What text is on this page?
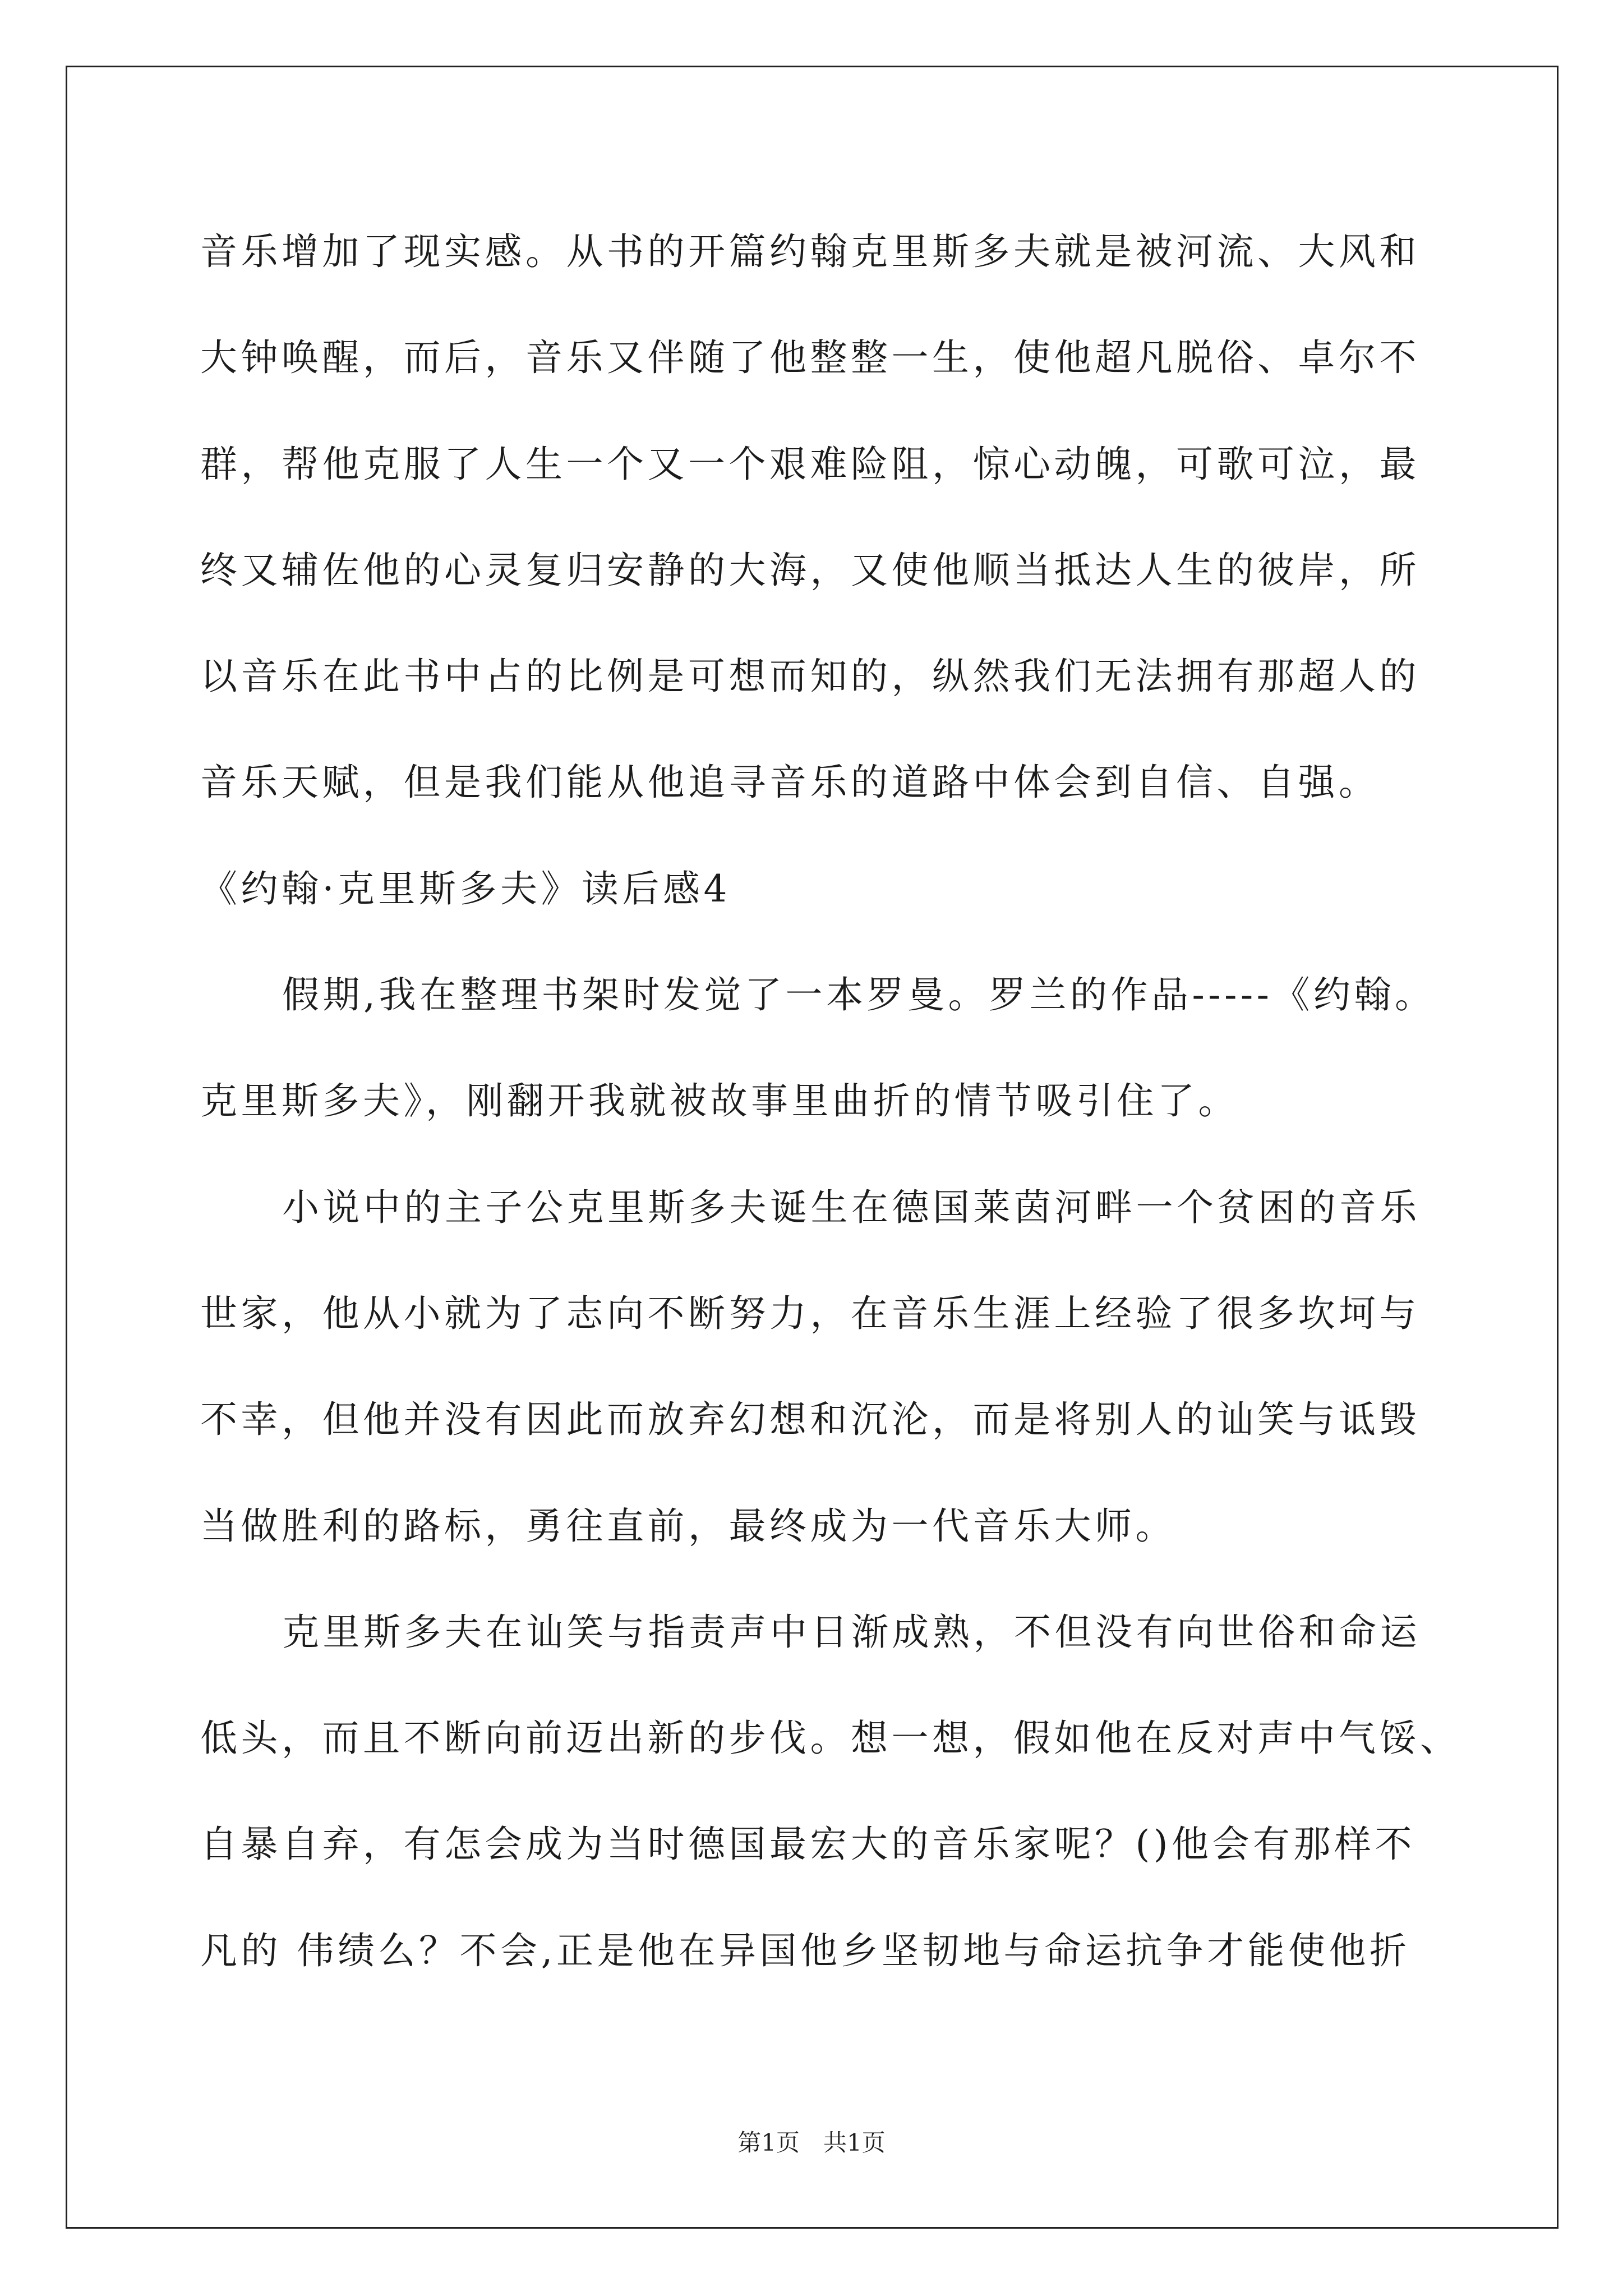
音乐增加了现实感。从书的开篇约翰克里斯多夫就是被河流、大风和
大钟唤醒，而后，音乐又伴随了他整整一生，使他超凡脱俗、卓尔不
群，帮他克服了人生一个又一个艰难险阻，惊心动魄，可歌可泣，最
终又辅佐他的心灵复归安静的大海，又使他顺当抵达人生的彼岸，所
以音乐在此书中占的比例是可想而知的，纵然我们无法拥有那超人的
音乐天赋，但是我们能从他追寻音乐的道路中体会到自信、自强。
《约翰·克里斯多夫》读后感4
假期,我在整理书架时发觉了一本罗曼。罗兰的作品-----《约翰。
克里斯多夫》，刚翻开我就被故事里曲折的情节吸引住了。
小说中的主子公克里斯多夫诞生在德国莱茵河畔一个贫困的音乐
世家，他从小就为了志向不断努力，在音乐生涯上经验了很多坎坷与
不幸，但他并没有因此而放弃幻想和沉沦，而是将别人的讪笑与诋毁
当做胜利的路标，勇往直前，最终成为一代音乐大师。
克里斯多夫在讪笑与指责声中日渐成熟，不但没有向世俗和命运
低头，而且不断向前迈出新的步伐。想一想，假如他在反对声中气馁、
自暴自弃，有怎会成为当时德国最宏大的音乐家呢？()他会有那样不
凡的 伟绩么？不会,正是他在异国他乡坚韧地与命运抗争才能使他折
第1页　共1页
